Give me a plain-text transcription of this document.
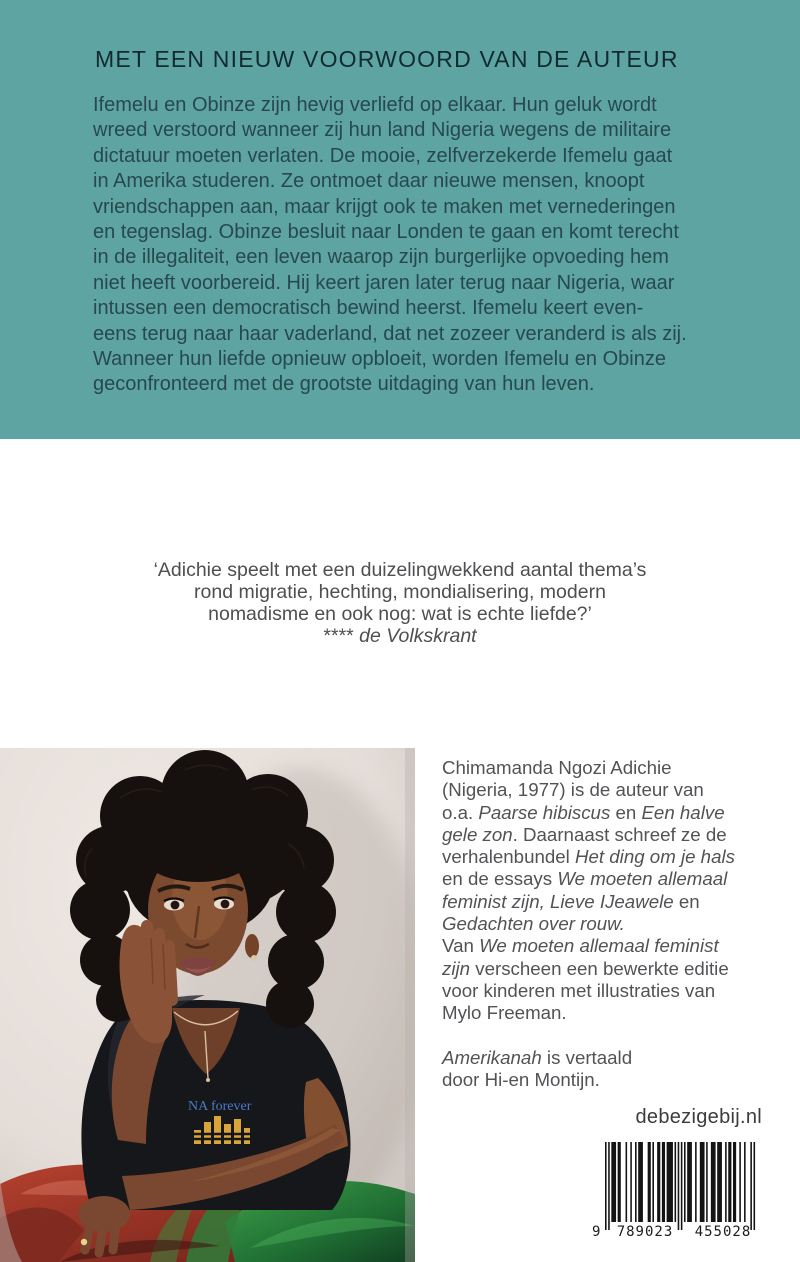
MET EEN NIEUW VOORWOORD VAN DE AUTEUR
Ifemelu en Obinze zijn hevig verliefd op elkaar. Hun geluk wordt
wreed verstoord wanneer zij hun land Nigeria wegens de militaire
dictatuur moeten verlaten. De mooie, zelfverzekerde Ifemelu gaat
in Amerika studeren. Ze ontmoet daar nieuwe mensen, knoopt
vriendschappen aan, maar krijgt ook te maken met vernederingen
en tegenslag. Obinze besluit naar Londen te gaan en komt terecht
in de illegaliteit, een leven waarop zijn burgerlijke opvoeding hem
niet heeft voorbereid. Hij keert jaren later terug naar Nigeria, waar
intussen een democratisch bewind heerst. Ifemelu keert even-
eens terug naar haar vaderland, dat net zozeer veranderd is als zij.
Wanneer hun liefde opnieuw opbloeit, worden Ifemelu en Obinze
geconfronteerd met de grootste uitdaging van hun leven.
‘Adichie speelt met een duizelingwekkend aantal thema’s
rond migratie, hechting, mondialisering, modern
nomadisme en ook nog: wat is echte liefde?’
**** de Volkskrant
NA forever
Chimamanda Ngozi Adichie
(Nigeria, 1977) is de auteur van
o.a. Paarse hibiscus en Een halve
gele zon. Daarnaast schreef ze de
verhalenbundel Het ding om je hals
en de essays We moeten allemaal
feminist zijn, Lieve IJeawele en
Gedachten over rouw.
Van We moeten allemaal feminist
zijn verscheen een bewerkte editie
voor kinderen met illustraties van
Mylo Freeman.
Amerikanah is vertaald
door Hi-en Montijn.
debezigebij.nl
9 789023 455028
